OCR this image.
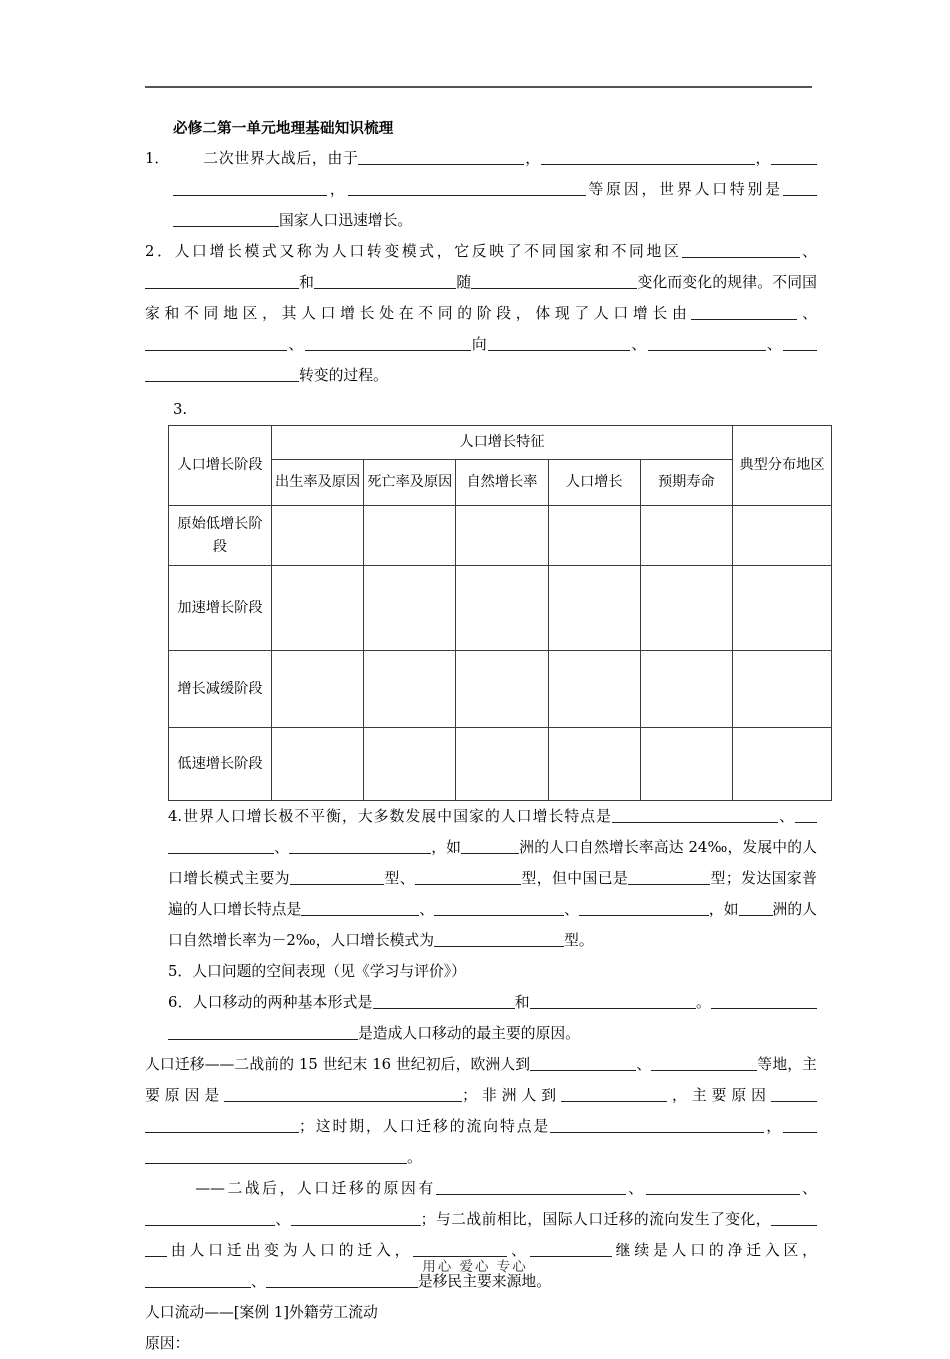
必修二第一单元地理基础知识梳理
1． 二次世界大战后，由于	，	，，	等原因，世界人口特别是国家人口迅速增长。
2．人口增长模式又称为人口转变模式，它反映了不同国家和不同地区	、和	随	变化而变化的规律。不同国家和不同地区，其人口增长处在不同的阶段，体现了人口增长由	、、	向	、	、转变的过程。
3.
人口增长阶段	人口增长特征					典型分布地区
	出生率及原因	死亡率及原因	自然增长率	人口增长	预期寿命	
原始低增长阶段						
加速增长阶段						
增长减缓阶段						
低速增长阶段						
4.世界人口增长极不平衡，大多数发展中国家的人口增长特点是	、、	，如	洲的人口自然增长率高达 24‰，发展中的人口增长模式主要为	型、	型，但中国已是	型；发达国家普遍的人口增长特点是	、	、	，如 洲的人口自然增长率为－2‰，人口增长模式为	型。
5．人口问题的空间表现（见《学习与评价》）
6．人口移动的两种基本形式是	和	。是造成人口移动的最主要的原因。
人口迁移——二战前的 15 世纪末 16 世纪初后，欧洲人到	、	等地，主要原因是	；非洲人到	，主要原因；这时期，人口迁移的流向特点是	，。
——二战后，人口迁移的原因有	、	、、	；与二战前相比，国际人口迁移的流向发生了变化，由人口迁出变为人口的迁入，	、	继续是人口的净迁入区，、	是移民主要来源地。
人口流动——[案例 1]外籍劳工流动
原因：
用心 爱心 专心
